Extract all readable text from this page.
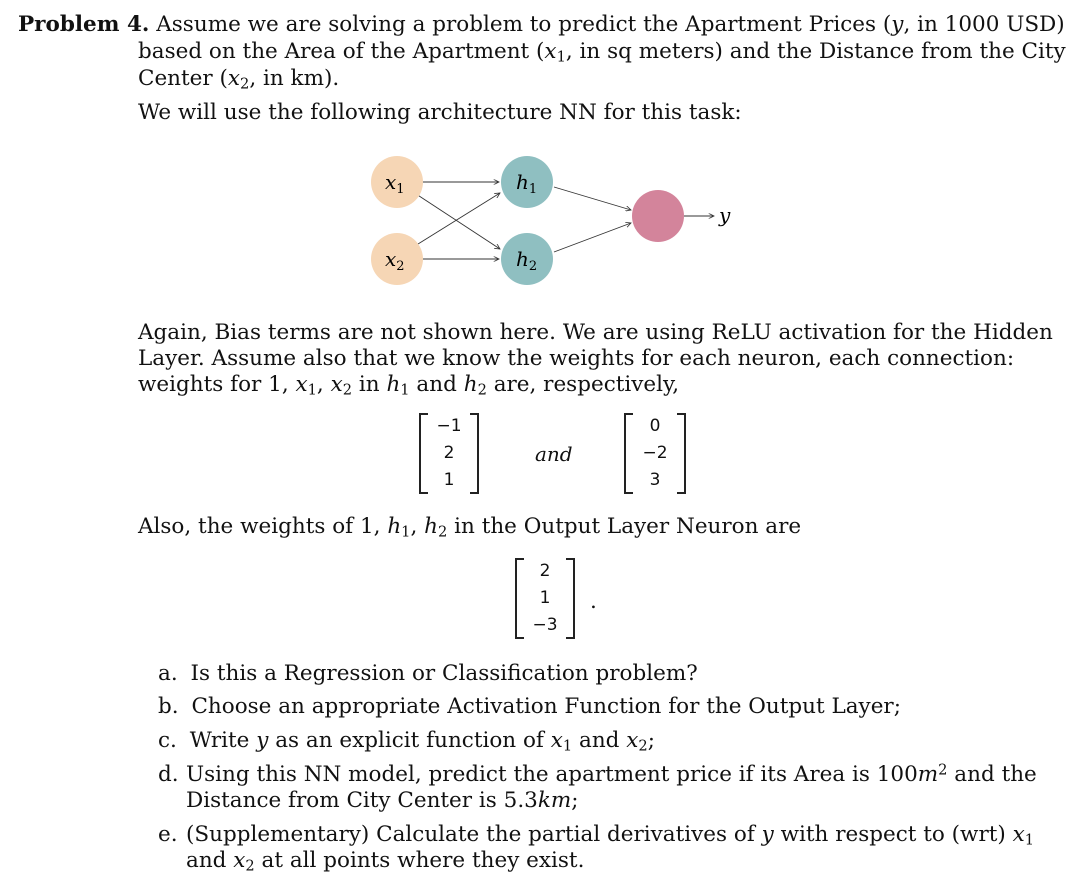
Problem 4. Assume we are solving a problem to predict the Apartment Prices (y, in 1000 USD)
based on the Area of the Apartment ($x_1$, in sq meters) and the Distance from the City
Center ($x_2$, in km).
We will use the following architecture NN for this task:
$x_1$
$x_2$
$h_1$
$h_2$
y
Again, Bias terms are not shown here. We are using ReLU activation for the Hidden
Layer. Assume also that we know the weights for each neuron, each connection:
weights for 1, $x_1$, $x_2$ in $h_1$ and $h_2$ are, respectively,
−1
2
1
and
0
−2
3
Also, the weights of 1, $h_1$, $h_2$ in the Output Layer Neuron are
2
1
−3
.
a. Is this a Regression or Classification problem?
b. Choose an appropriate Activation Function for the Output Layer;
c. Write y as an explicit function of $x_1$ and $x_2$;
d. Using this NN model, predict the apartment price if its Area is $100m^2$ and the
Distance from City Center is 5.3km;
e. (Supplementary) Calculate the partial derivatives of y with respect to (wrt) $x_1$
and $x_2$ at all points where they exist.
